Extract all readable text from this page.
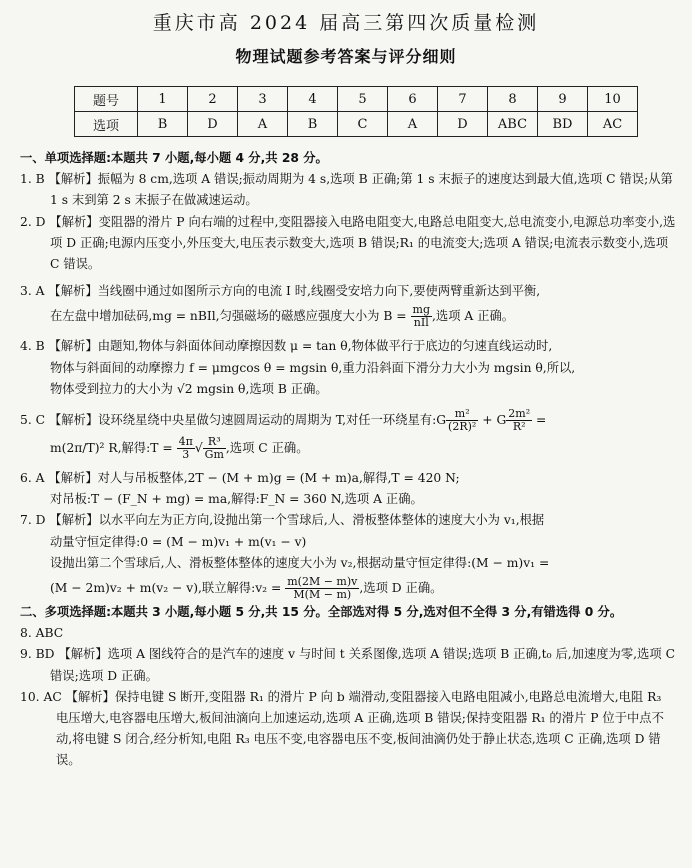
重庆市高 2024 届高三第四次质量检测
物理试题参考答案与评分细则
题号	1	2	3	4	5	6	7	8	9	10
选项	B	D	A	B	C	A	D	ABC	BD	AC
一、单项选择题:本题共 7 小题,每小题 4 分,共 28 分。

1. B 【解析】振幅为 8 cm,选项 A 错误;振动周期为 4 s,选项 B 正确;第 1 s 末振子的速度达到最大值,选项 C 错误;从第 1 s 末到第 2 s 末振子在做减速运动。

2. D 【解析】变阻器的滑片 P 向右端的过程中,变阻器接入电路电阻变大,电路总电阻变大,总电流变小,电源总功率变小,选项 D 正确;电源内压变小,外压变大,电压表示数变大,选项 B 错误;R₁ 的电流变大;选项 A 错误;电流表示数变小,选项 C 错误。

3. A 【解析】当线圈中通过如图所示方向的电流 I 时,线圈受安培力向下,要使两臂重新达到平衡,
在左盘中增加砝码,mg = nBIl,匀强磁场的磁感应强度大小为 $B = \frac{mg}{\text{nIl}}$ ,选项 A 正确。
4. B 【解析】由题知,物体与斜面体间动摩擦因数 μ = tan θ,物体做平行于底边的匀速直线运动时,
物体与斜面间的动摩擦力 f = μmgcos θ = mgsin θ,重力沿斜面下滑分力大小为 mgsin θ,所以,
物体受到拉力的大小为 √2 mgsin θ,选项 B 正确。
5. C 【解析】设环绕星绕中央星做匀速圆周运动的周期为 T,对任一环绕星有:G $\frac{\text{m²}}{\text{(2R)²}} + G \frac{\text{2m²}}{\text{R²}}$ =
m(2π/T)² R,解得:T = $\frac{4\pi}{3}$ √ $\frac{\text{R³}}{Gm}$ ,选项 C 正确。
6. A 【解析】对人与吊板整体,2T − (M + m)g = (M + m)a,解得,T = 420 N;
对吊板:T − (F_N + mg) = ma,解得:F_N = 360 N,选项 A 正确。
7. D 【解析】以水平向左为正方向,设抛出第一个雪球后,人、滑板整体整体的速度大小为 v₁,根据
动量守恒定律得:0 = (M − m)v₁ + m(v₁ − v)
设抛出第二个雪球后,人、滑板整体整体的速度大小为 v₂,根据动量守恒定律得:(M − m)v₁ =
(M − 2m)v₂ + m(v₂ − v),联立解得:v₂ = $\frac{m(2M - m)v}{M(M - m)}$ ,选项 D 正确。
二、多项选择题:本题共 3 小题,每小题 5 分,共 15 分。全部选对得 5 分,选对但不全得 3 分,有错选得 0 分。

8. ABC

9. BD 【解析】选项 A 图线符合的是汽车的速度 v 与时间 t 关系图像,选项 A 错误;选项 B 正确,t₀ 后,加速度为零,选项 C 错误;选项 D 正确。

10. AC 【解析】保持电键 S 断开,变阻器 R₁ 的滑片 P 向 b 端滑动,变阻器接入电路电阻减小,电路总电流增大,电阻 R₃ 电压增大,电容器电压增大,板间油滴向上加速运动,选项 A 正确,选项 B 错误;保持变阻器 R₁ 的滑片 P 位于中点不动,将电键 S 闭合,经分析知,电阻 R₃ 电压不变,电容器电压不变,板间油滴仍处于静止状态,选项 C 正确,选项 D 错误。
